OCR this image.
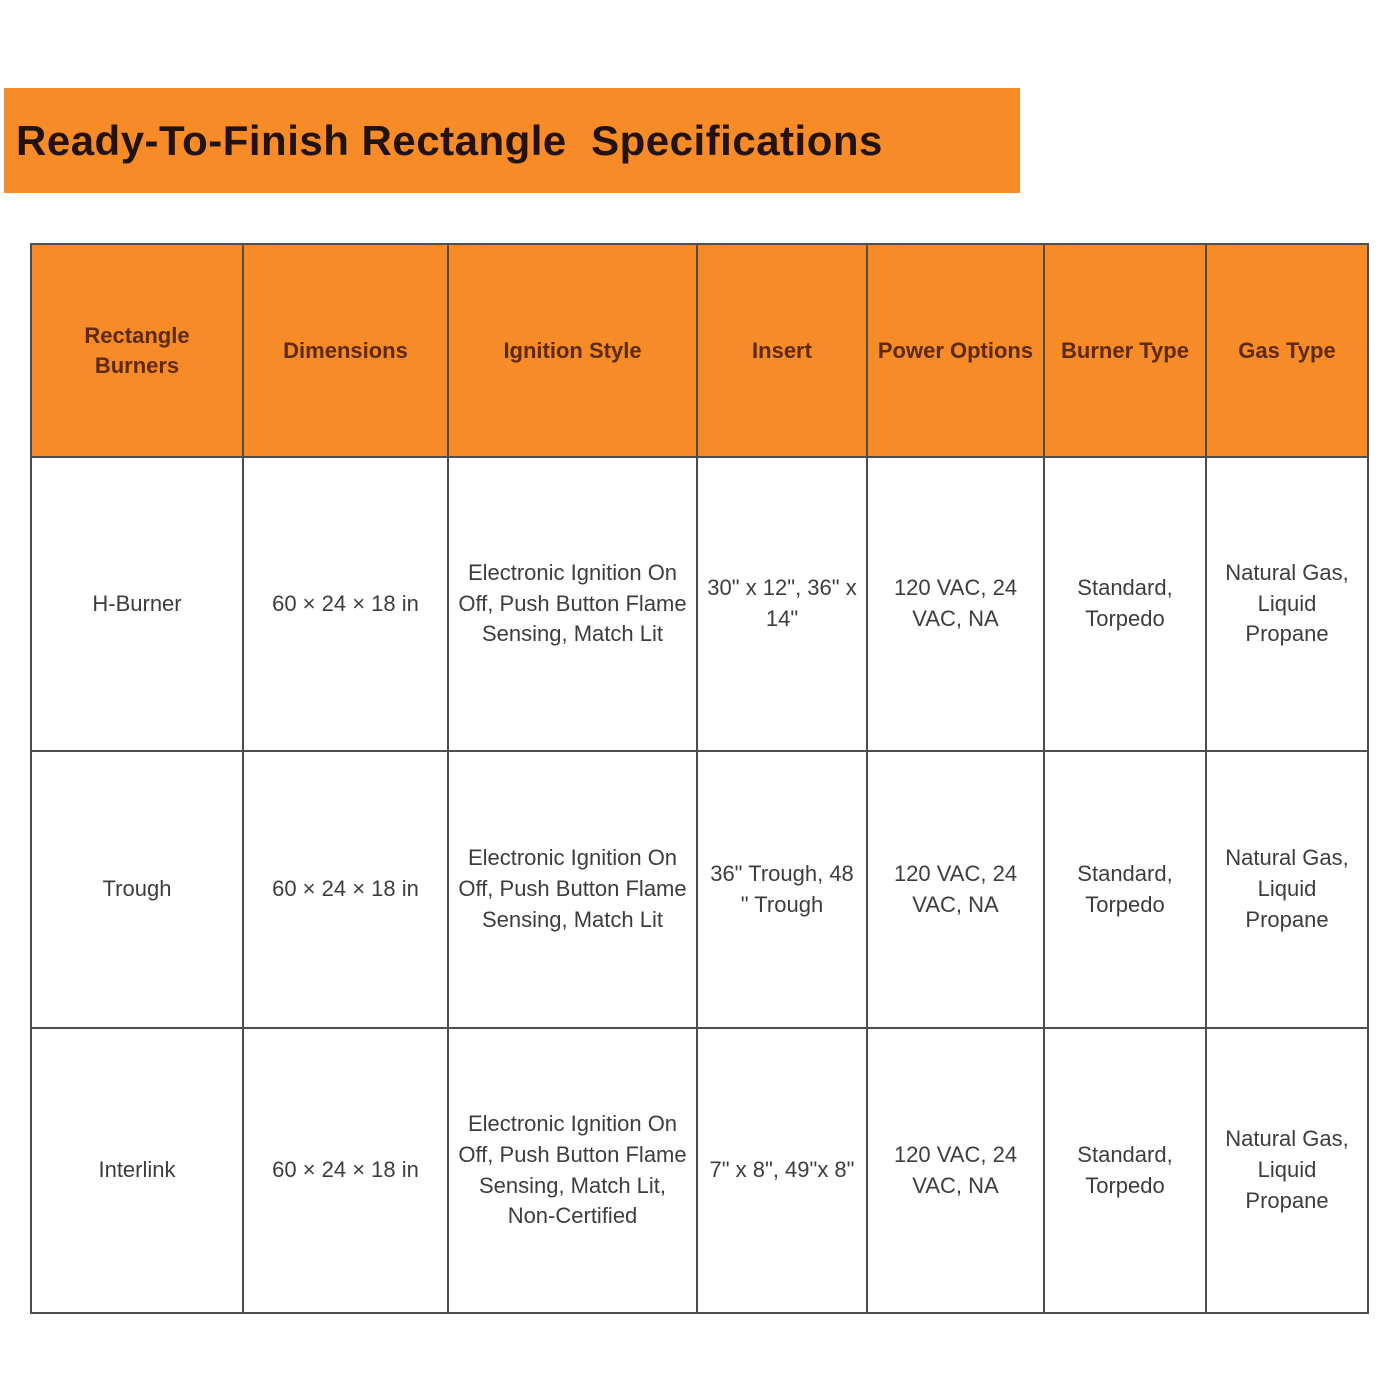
Ready-To-Finish Rectangle  Specifications
Rectangle Burners	Dimensions	Ignition Style	Insert	Power Options	Burner Type	Gas Type
H-Burner	60 × 24 × 18 in	Electronic Ignition On Off, Push Button Flame Sensing, Match Lit	30" x 12", 36" x 14"	120 VAC, 24 VAC, NA	Standard, Torpedo	Natural Gas, Liquid Propane
Trough	60 × 24 × 18 in	Electronic Ignition On Off, Push Button Flame Sensing, Match Lit	36" Trough, 48 " Trough	120 VAC, 24 VAC, NA	Standard, Torpedo	Natural Gas, Liquid Propane
Interlink	60 × 24 × 18 in	Electronic Ignition On Off, Push Button Flame Sensing, Match Lit, Non-Certified	7" x 8", 49"x 8"	120 VAC, 24 VAC, NA	Standard, Torpedo	Natural Gas, Liquid Propane
